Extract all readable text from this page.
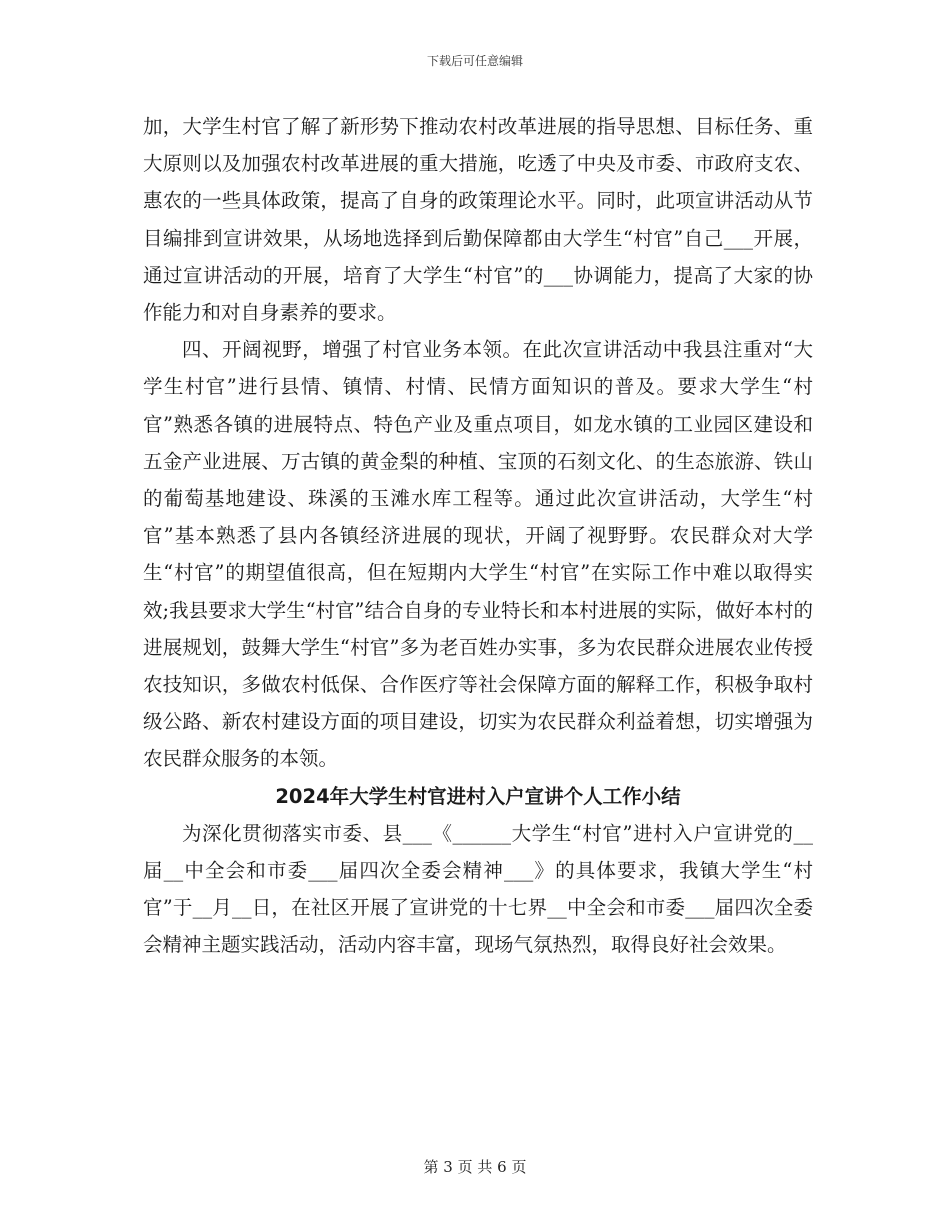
下载后可任意编辑

加，大学生村官了解了新形势下推动农村改革进展的指导思想、目标任务、重大原则以及加强农村改革进展的重大措施，吃透了中央及市委、市政府支农、惠农的一些具体政策，提高了自身的政策理论水平。同时，此项宣讲活动从节目编排到宣讲效果，从场地选择到后勤保障都由大学生“村官”自己___开展，通过宣讲活动的开展，培育了大学生“村官”的___协调能力，提高了大家的协作能力和对自身素养的要求。

四、开阔视野，增强了村官业务本领。在此次宣讲活动中我县注重对“大学生村官”进行县情、镇情、村情、民情方面知识的普及。要求大学生“村官”熟悉各镇的进展特点、特色产业及重点项目，如龙水镇的工业园区建设和五金产业进展、万古镇的黄金梨的种植、宝顶的石刻文化、的生态旅游、铁山的葡萄基地建设、珠溪的玉滩水库工程等。通过此次宣讲活动，大学生“村官”基本熟悉了县内各镇经济进展的现状，开阔了视野野。农民群众对大学生“村官”的期望值很高，但在短期内大学生“村官”在实际工作中难以取得实效;我县要求大学生“村官”结合自身的专业特长和本村进展的实际，做好本村的进展规划，鼓舞大学生“村官”多为老百姓办实事，多为农民群众进展农业传授农技知识，多做农村低保、合作医疗等社会保障方面的解释工作，积极争取村级公路、新农村建设方面的项目建设，切实为农民群众利益着想，切实增强为农民群众服务的本领。

2024年大学生村官进村入户宣讲个人工作小结

为深化贯彻落实市委、县___《______大学生“村官”进村入户宣讲党的__届__中全会和市委___届四次全委会精神___》的具体要求，我镇大学生“村官”于__月__日，在社区开展了宣讲党的十七界__中全会和市委___届四次全委会精神主题实践活动，活动内容丰富，现场气氛热烈，取得良好社会效果。

第 3 页 共 6 页
